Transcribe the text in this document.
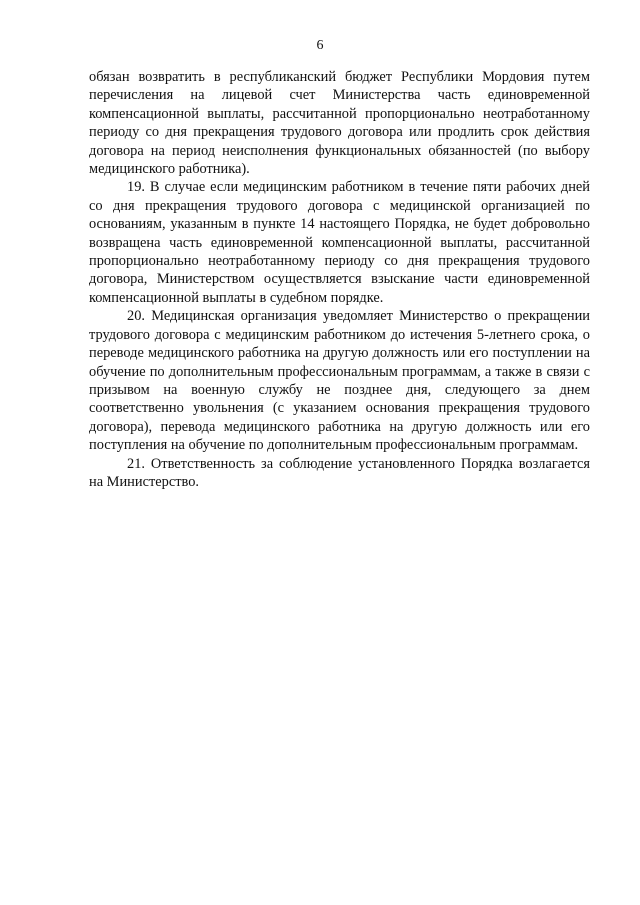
6

обязан возвратить в республиканский бюджет Республики Мордовия путем перечисления на лицевой счет Министерства часть единовременной компенсационной выплаты, рассчитанной пропорционально неотработанному периоду со дня прекращения трудового договора или продлить срок действия договора на период неисполнения функциональных обязанностей (по выбору медицинского работника).

19. В случае если медицинским работником в течение пяти рабочих дней со дня прекращения трудового договора с медицинской организацией по основаниям, указанным в пункте 14 настоящего Порядка, не будет добровольно возвращена часть единовременной компенсационной выплаты, рассчитанной пропорционально неотработанному периоду со дня прекращения трудового договора, Министерством осуществляется взыскание части единовременной компенсационной выплаты в судебном порядке.

20. Медицинская организация уведомляет Министерство о прекращении трудового договора с медицинским работником до истечения 5-летнего срока, о переводе медицинского работника на другую должность или его поступлении на обучение по дополнительным профессиональным программам, а также в связи с призывом на военную службу не позднее дня, следующего за днем соответственно увольнения (с указанием основания прекращения трудового договора), перевода медицинского работника на другую должность или его поступления на обучение по дополнительным профессиональным программам.

21. Ответственность за соблюдение установленного Порядка возлагается на Министерство.
